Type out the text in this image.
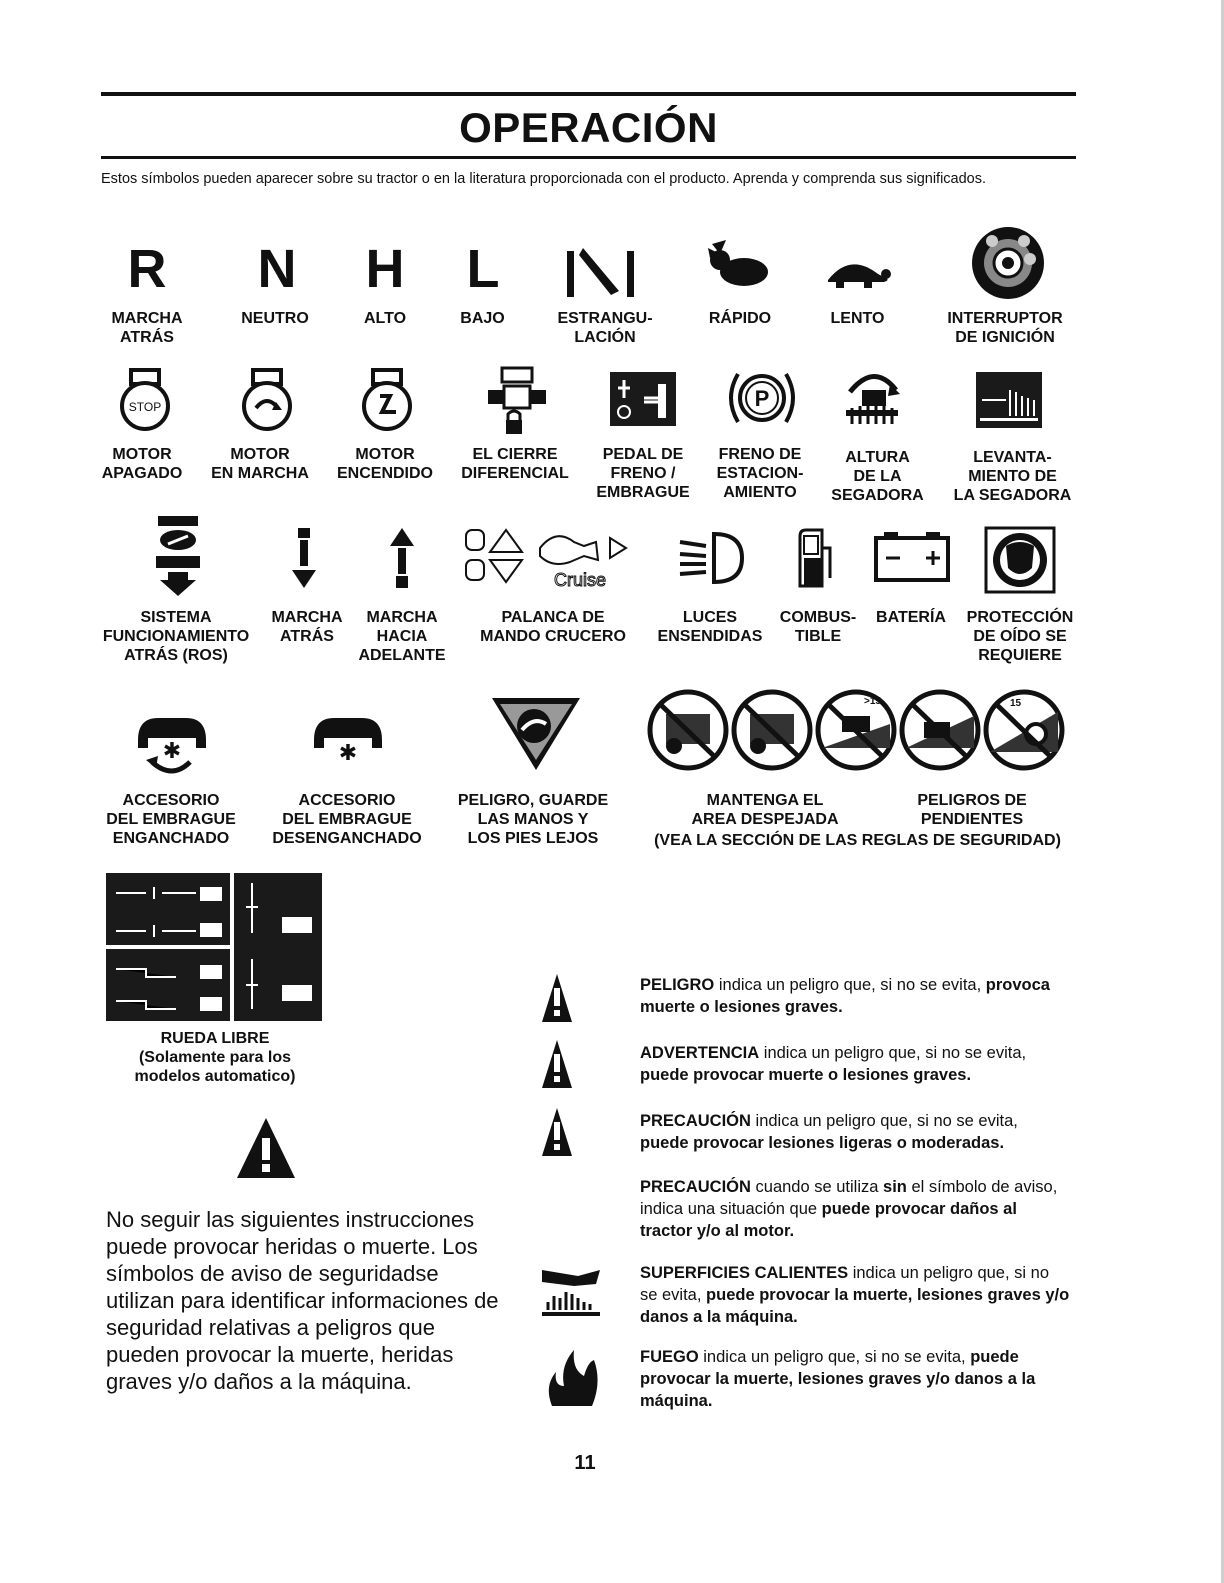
OPERACIÓN
Estos símbolos pueden aparecer sobre su tractor o en la literatura proporcionada con el producto. Aprenda y comprenda sus significados.
R N H	L
MARCHA
ATRÁS
NEUTRO	ALTO	BAJO	ESTRANGU-
LACIÓN
RÁPIDO	LENTO	INTERRUPTOR
DE IGNICIÓN
STOP	P
MOTOR
APAGADO
MOTOR
EN MARCHA
MOTOR
ENCENDIDO
EL CIERRE
DIFERENCIAL
PEDAL DE
FRENO /
EMBRAGUE
FRENO DE
ESTACION-
AMIENTO
ALTURA
DE LA
SEGADORA
LEVANTA-
MIENTO DE
LA SEGADORA
Cruise
SISTEMA
FUNCIONAMIENTO
ATRÁS (ROS)
MARCHA
ATRÁS
MARCHA
HACIA
ADELANTE
PALANCA DE
MANDO CRUCERO
LUCES
ENSENDIDAS
COMBUS-
TIBLE
BATERÍA	PROTECCIÓN
DE OÍDO SE
REQUIERE
✱	✱
>15	15
ACCESORIO
DEL EMBRAGUE
ENGANCHADO
ACCESORIO
DEL EMBRAGUE
DESENGANCHADO
PELIGRO, GUARDE
LAS MANOS Y
LOS PIES LEJOS
MANTENGA EL
AREA DESPEJADA
PELIGROS DE
PENDIENTES
(VEA LA SECCIÓN DE LAS REGLAS DE SEGURIDAD)
RUEDA LIBRE
(Solamente para los
modelos automatico)
No seguir las siguientes instrucciones puede provocar heridas o muerte. Los símbolos de aviso de seguridadse utilizan para identificar informaciones de seguridad relativas a peligros que pueden provocar la muerte, heridas graves y/o daños a la máquina.
PELIGRO indica un peligro que, si no se evita, provoca muerte o lesiones graves.
ADVERTENCIA indica un peligro que, si no se evita, puede provocar muerte o lesiones graves.
PRECAUCIÓN indica un peligro que, si no se evita, puede provocar lesiones ligeras o moderadas.
PRECAUCIÓN cuando se utiliza sin el símbolo de aviso, indica una situación que puede provocar daños al tractor y/o al motor.
SUPERFICIES CALIENTES indica un peligro que, si no se evita, puede provocar la muerte, lesiones graves y/o danos a la máquina.
FUEGO indica un peligro que, si no se evita, puede provocar la muerte, lesiones graves y/o danos a la máquina.
11
